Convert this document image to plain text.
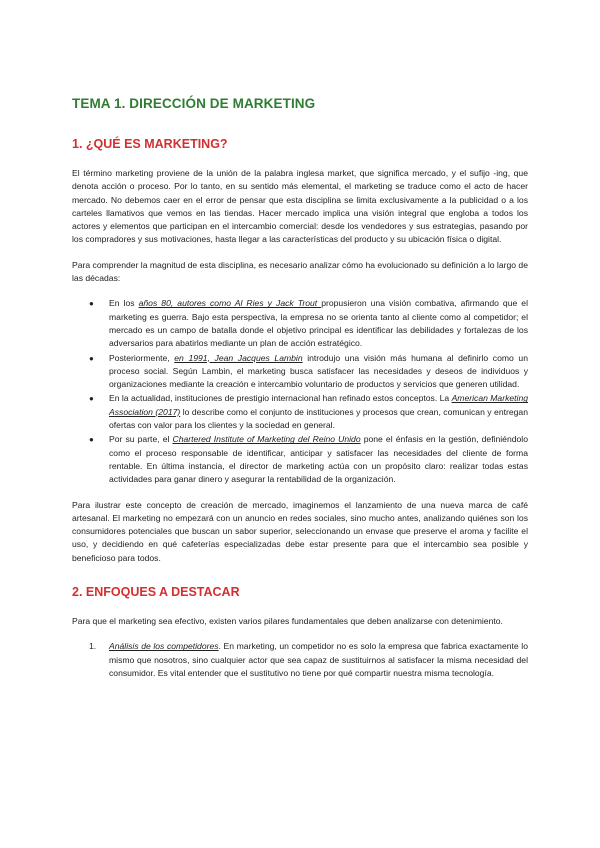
TEMA 1. DIRECCIÓN DE MARKETING
1. ¿QUÉ ES MARKETING?

El término marketing proviene de la unión de la palabra inglesa market, que significa mercado, y el sufijo -ing, que denota acción o proceso. Por lo tanto, en su sentido más elemental, el marketing se traduce como el acto de hacer mercado. No debemos caer en el error de pensar que esta disciplina se limita exclusivamente a la publicidad o a los carteles llamativos que vemos en las tiendas. Hacer mercado implica una visión integral que engloba a todos los actores y elementos que participan en el intercambio comercial: desde los vendedores y sus estrategias, pasando por los compradores y sus motivaciones, hasta llegar a las características del producto y su ubicación física o digital.

Para comprender la magnitud de esta disciplina, es necesario analizar cómo ha evolucionado su definición a lo largo de las décadas:

● En los años 80, autores como Al Ries y Jack Trout propusieron una visión combativa, afirmando que el marketing es guerra. Bajo esta perspectiva, la empresa no se orienta tanto al cliente como al competidor; el mercado es un campo de batalla donde el objetivo principal es identificar las debilidades y fortalezas de los adversarios para abatirlos mediante un plan de acción estratégico.
● Posteriormente, en 1991, Jean Jacques Lambin introdujo una visión más humana al definirlo como un proceso social. Según Lambin, el marketing busca satisfacer las necesidades y deseos de individuos y organizaciones mediante la creación e intercambio voluntario de productos y servicios que generen utilidad.
● En la actualidad, instituciones de prestigio internacional han refinado estos conceptos. La American Marketing Association (2017) lo describe como el conjunto de instituciones y procesos que crean, comunican y entregan ofertas con valor para los clientes y la sociedad en general.
● Por su parte, el Chartered Institute of Marketing del Reino Unido pone el énfasis en la gestión, definiéndolo como el proceso responsable de identificar, anticipar y satisfacer las necesidades del cliente de forma rentable. En última instancia, el director de marketing actúa con un propósito claro: realizar todas estas actividades para ganar dinero y asegurar la rentabilidad de la organización.

Para ilustrar este concepto de creación de mercado, imaginemos el lanzamiento de una nueva marca de café artesanal. El marketing no empezará con un anuncio en redes sociales, sino mucho antes, analizando quiénes son los consumidores potenciales que buscan un sabor superior, seleccionando un envase que preserve el aroma y facilite el uso, y decidiendo en qué cafeterías especializadas debe estar presente para que el intercambio sea posible y beneficioso para todos.

2. ENFOQUES A DESTACAR

Para que el marketing sea efectivo, existen varios pilares fundamentales que deben analizarse con detenimiento.

1. Análisis de los competidores. En marketing, un competidor no es solo la empresa que fabrica exactamente lo mismo que nosotros, sino cualquier actor que sea capaz de sustituirnos al satisfacer la misma necesidad del consumidor. Es vital entender que el sustitutivo no tiene por qué compartir nuestra misma tecnología.
